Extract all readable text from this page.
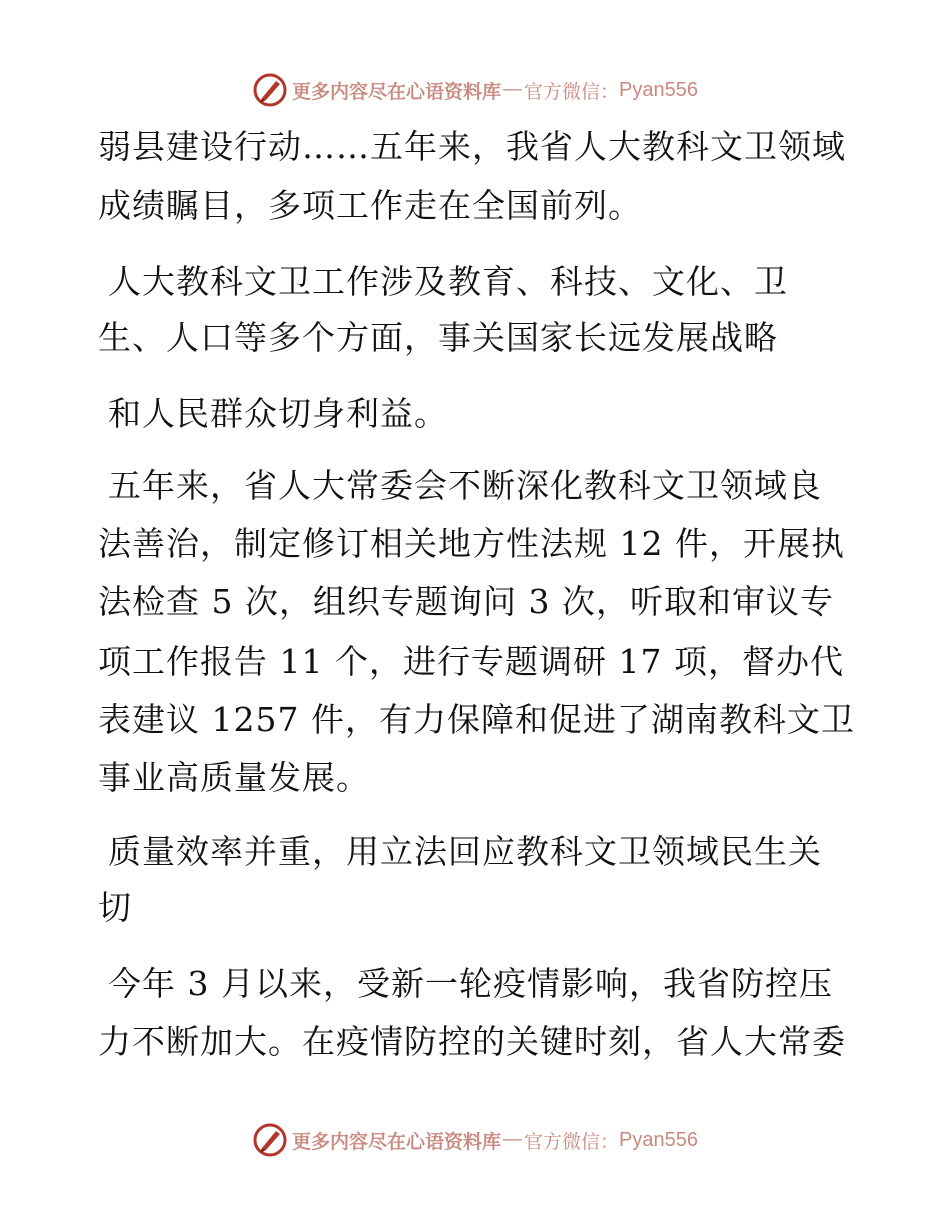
更多内容尽在心语资料库 — 官方微信： Pyan556
弱县建设行动……五年来，我省人大教科文卫领域
成绩瞩目，多项工作走在全国前列。
人大教科文卫工作涉及教育、科技、文化、卫
生、人口等多个方面，事关国家长远发展战略
和人民群众切身利益。
五年来，省人大常委会不断深化教科文卫领域良
法善治，制定修订相关地方性法规 12 件，开展执
法检查 5 次，组织专题询问 3 次，听取和审议专
项工作报告 11 个，进行专题调研 17 项，督办代
表建议 1257 件，有力保障和促进了湖南教科文卫
事业高质量发展。
质量效率并重，用立法回应教科文卫领域民生关
切
今年 3 月以来，受新一轮疫情影响，我省防控压
力不断加大。在疫情防控的关键时刻，省人大常委
更多内容尽在心语资料库 — 官方微信： Pyan556
